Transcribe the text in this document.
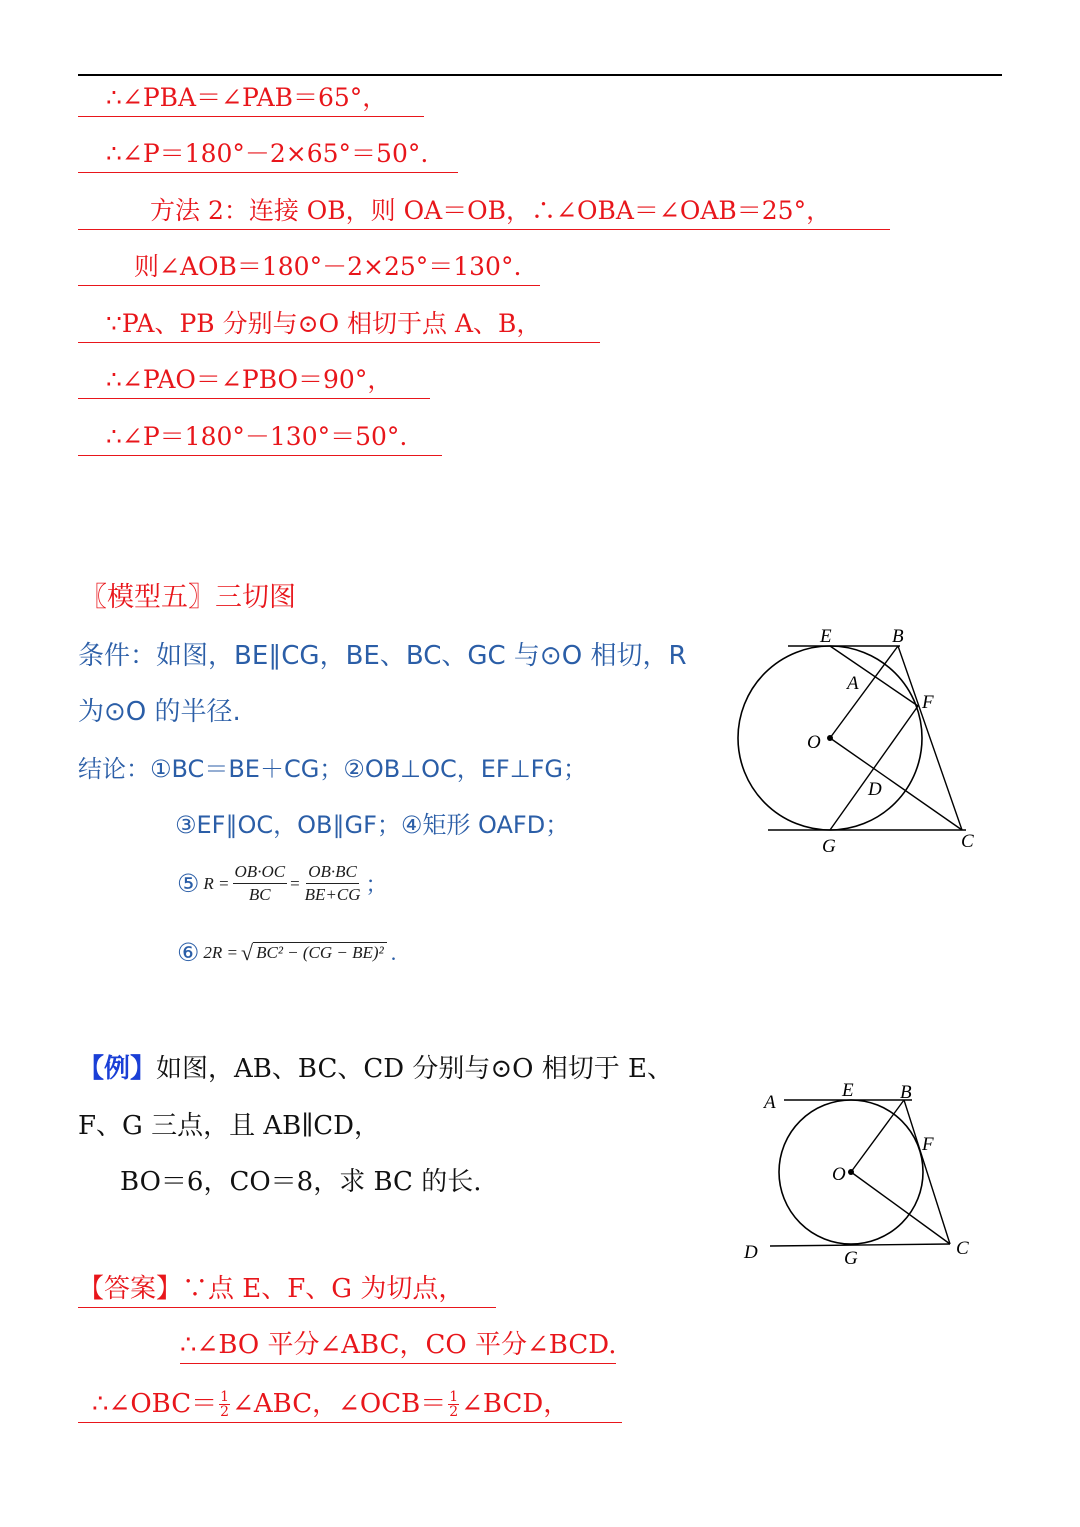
∴∠PBA＝∠PAB＝65°，
∴∠P＝180°－2×65°＝50°.
方法 2：连接 OB，则 OA＝OB，∴∠OBA＝∠OAB＝25°，
则∠AOB＝180°－2×25°＝130°.
∵PA、PB 分别与⊙O 相切于点 A、B，
∴∠PAO＝∠PBO＝90°，
∴∠P＝180°－130°＝50°.
〖模型五〗三切图
条件：如图，BE∥CG，BE、BC、GC 与⊙O 相切，R
为⊙O 的半径.
结论：①BC＝BE＋CG；②OB⊥OC，EF⊥FG；
③EF∥OC，OB∥GF；④矩形 OAFD；
⑤ $R = \frac{OB\cdot OC}{BC} = \frac{OB\cdot BC}{BE+CG}$ ；
⑥ 2R = √ BC² − (CG − BE)² .
E	B
A
F
O
D
G	C
【例】如图，AB、BC、CD 分别与⊙O 相切于 E、
F、G 三点，且 AB∥CD，
BO＝6，CO＝8，求 BC 的长.
A
E B
F
O
D	G	C
【答案】∵点 E、F、G 为切点，
∴∠BO 平分∠ABC，CO 平分∠BCD.
∴∠OBC＝ $\frac{1}{2}$ ∠ABC，∠OCB＝ $\frac{1}{2}$ ∠BCD，
